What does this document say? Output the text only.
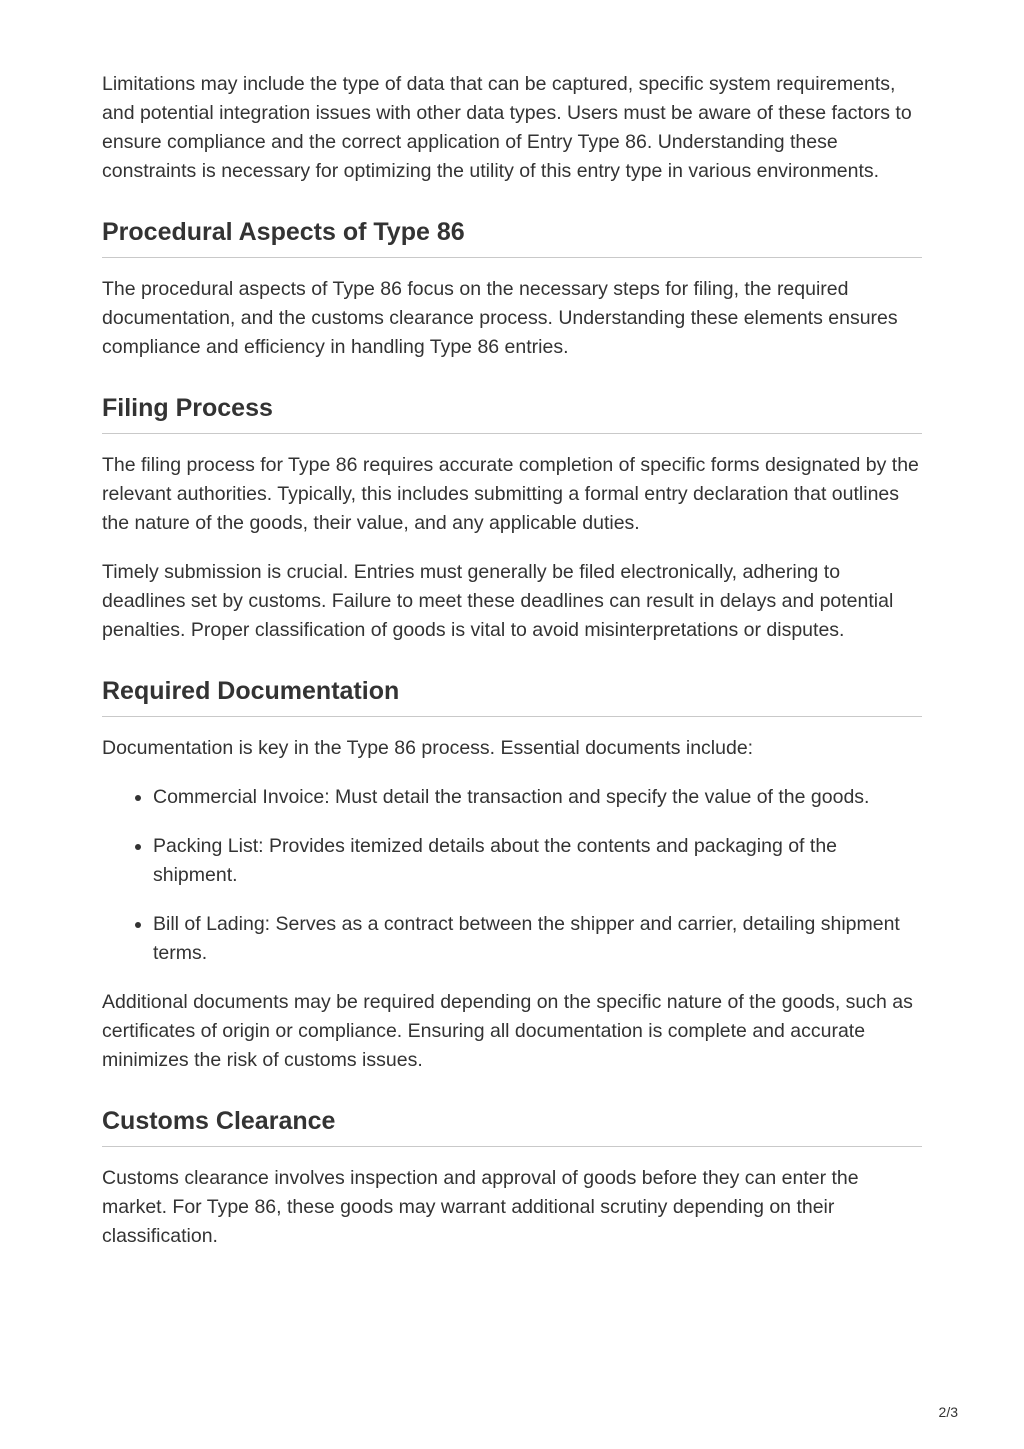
Limitations may include the type of data that can be captured, specific system requirements, and potential integration issues with other data types. Users must be aware of these factors to ensure compliance and the correct application of Entry Type 86. Understanding these constraints is necessary for optimizing the utility of this entry type in various environments.

Procedural Aspects of Type 86

The procedural aspects of Type 86 focus on the necessary steps for filing, the required documentation, and the customs clearance process. Understanding these elements ensures compliance and efficiency in handling Type 86 entries.

Filing Process

The filing process for Type 86 requires accurate completion of specific forms designated by the relevant authorities. Typically, this includes submitting a formal entry declaration that outlines the nature of the goods, their value, and any applicable duties.

Timely submission is crucial. Entries must generally be filed electronically, adhering to deadlines set by customs. Failure to meet these deadlines can result in delays and potential penalties. Proper classification of goods is vital to avoid misinterpretations or disputes.

Required Documentation

Documentation is key in the Type 86 process. Essential documents include:

• Commercial Invoice: Must detail the transaction and specify the value of the goods.
• Packing List: Provides itemized details about the contents and packaging of the shipment.
• Bill of Lading: Serves as a contract between the shipper and carrier, detailing shipment terms.

Additional documents may be required depending on the specific nature of the goods, such as certificates of origin or compliance. Ensuring all documentation is complete and accurate minimizes the risk of customs issues.

Customs Clearance

Customs clearance involves inspection and approval of goods before they can enter the market. For Type 86, these goods may warrant additional scrutiny depending on their classification.

2/3
